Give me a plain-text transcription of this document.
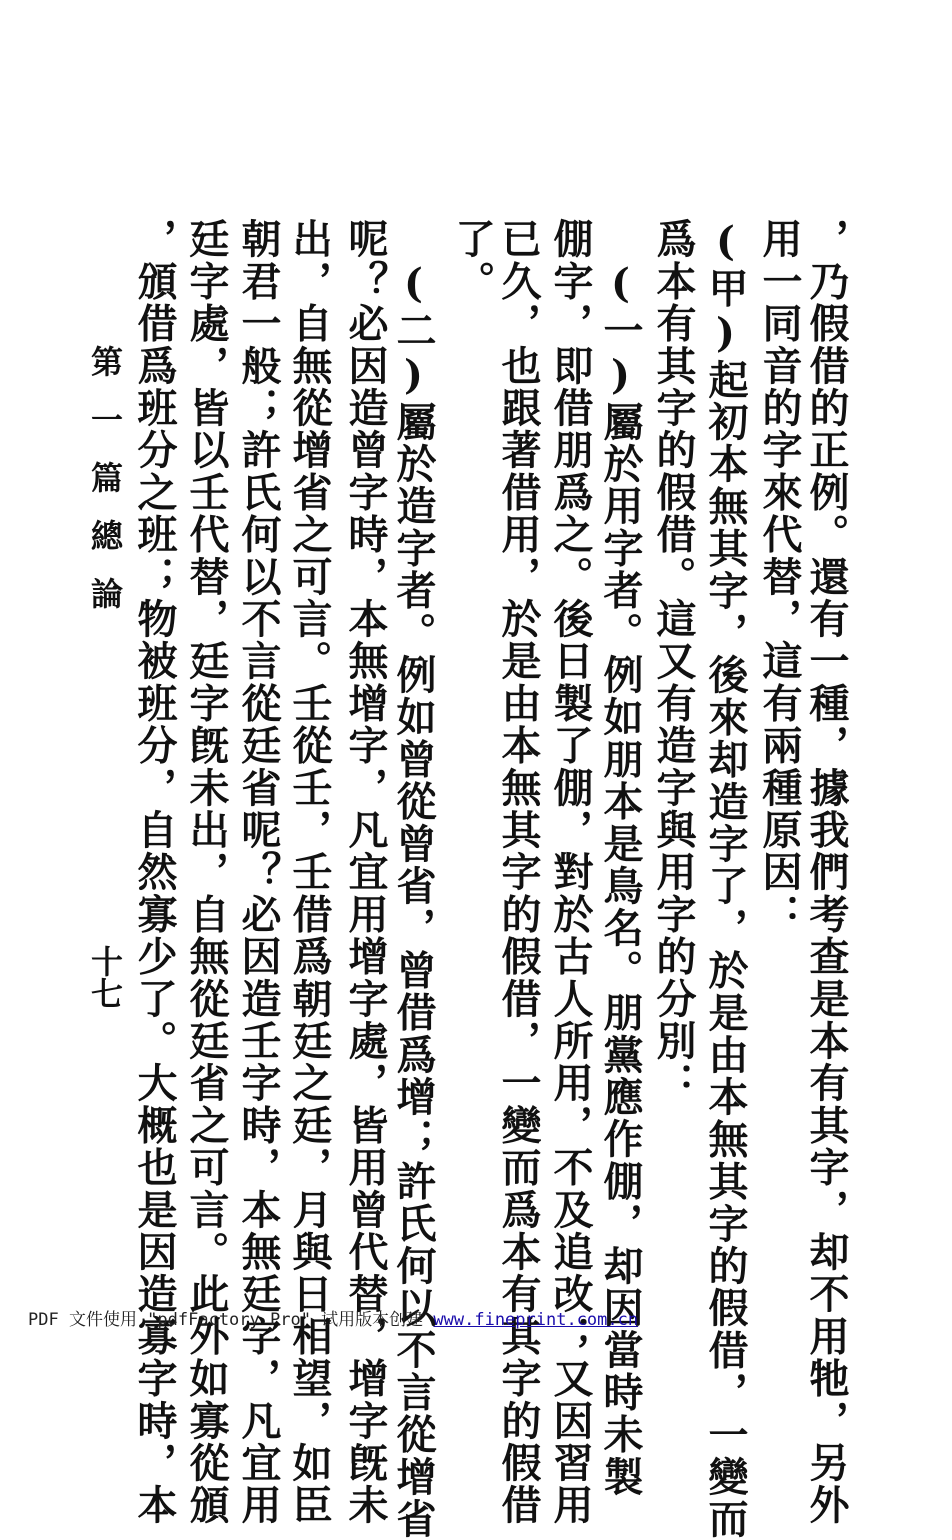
，乃假借的正例。還有一種，據我們考查是本有其字，却不用牠，另外
用一同音的字來代替，這有兩種原因：
(甲)起初本無其字，後來却造字了，於是由本無其字的假借，一變而
爲本有其字的假借。這又有造字與用字的分別：
(一)屬於用字者。例如朋本是鳥名。朋黨應作倗，却因當時未製
倗字，即借朋爲之。後日製了倗，對於古人所用，不及追改；又因習用
已久，也跟著借用，於是由本無其字的假借，一變而爲本有其字的假借
了。
(二)屬於造字者。例如曾從曾省，曾借爲增；許氏何以不言從增省
呢？必因造曾字時，本無增字，凡宜用增字處，皆用曾代替，增字旣未
出，自無從增省之可言。壬從壬，壬借爲朝廷之廷，月與日相望，如臣
朝君一般；許氏何以不言從廷省呢？必因造壬字時，本無廷字，凡宜用
廷字處，皆以壬代替，廷字旣未出，自無從廷省之可言。此外如寡從頒
，頒借爲班分之班；物被班分，自然寡少了。大概也是因造寡字時，本
第一篇總論
十七
PDF 文件使用 "pdfFactory Pro" 试用版本创建 www.fineprint.com.cn
